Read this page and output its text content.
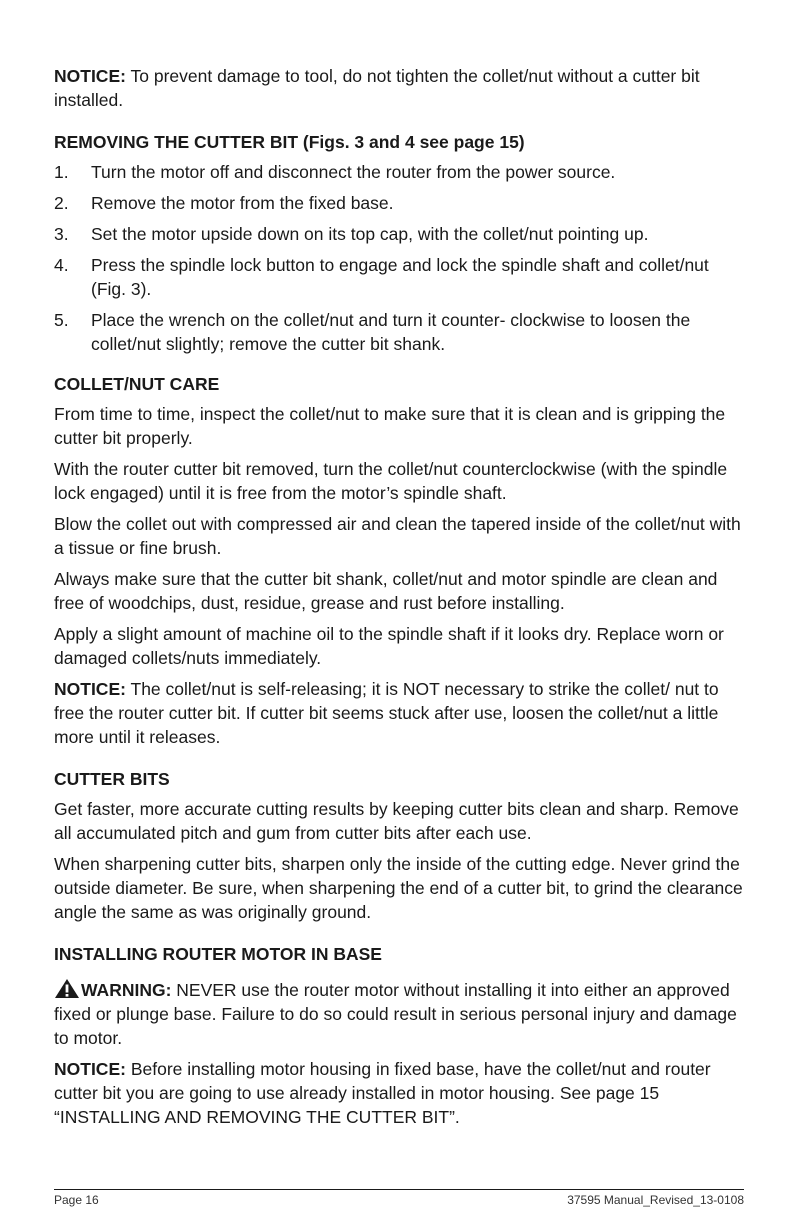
NOTICE: To prevent damage to tool, do not tighten the collet/nut without a cutter bit installed.

REMOVING THE CUTTER BIT (Figs. 3 and 4 see page 15)
1.	Turn the motor off and disconnect the router from the power source.
2.	Remove the motor from the fixed base.
3.	Set the motor upside down on its top cap, with the collet/nut pointing up.
4.	Press the spindle lock button to engage and lock the spindle shaft and collet/nut (Fig. 3).
5.	Place the wrench on the collet/nut and turn it counter- clockwise to loosen the collet/nut slightly; remove the cutter bit shank.
COLLET/NUT CARE

From time to time, inspect the collet/nut to make sure that it is clean and is gripping the cutter bit properly.

With the router cutter bit removed, turn the collet/nut counterclockwise (with the spindle lock engaged) until it is free from the motor’s spindle shaft.

Blow the collet out with compressed air and clean the tapered inside of the collet/nut with a tissue or fine brush.

Always make sure that the cutter bit shank, collet/nut and motor spindle are clean and free of woodchips, dust, residue, grease and rust before installing.

Apply a slight amount of machine oil to the spindle shaft if it looks dry. Replace worn or damaged collets/nuts immediately.

NOTICE: The collet/nut is self-releasing; it is NOT necessary to strike the collet/ nut to free the router cutter bit. If cutter bit seems stuck after use, loosen the collet/nut a little more until it releases.

CUTTER BITS

Get faster, more accurate cutting results by keeping cutter bits clean and sharp. Remove all accumulated pitch and gum from cutter bits after each use.

When sharpening cutter bits, sharpen only the inside of the cutting edge. Never grind the outside diameter. Be sure, when sharpening the end of a cutter bit, to grind the clearance angle the same as was originally ground.

INSTALLING ROUTER MOTOR IN BASE

WARNING: NEVER use the router motor without installing it into either an approved fixed or plunge base. Failure to do so could result in serious personal injury and damage to motor.

NOTICE: Before installing motor housing in fixed base, have the collet/nut and router cutter bit you are going to use already installed in motor housing. See page 15 “INSTALLING AND REMOVING THE CUTTER BIT”.

Page 16	37595 Manual_Revised_13-0108
